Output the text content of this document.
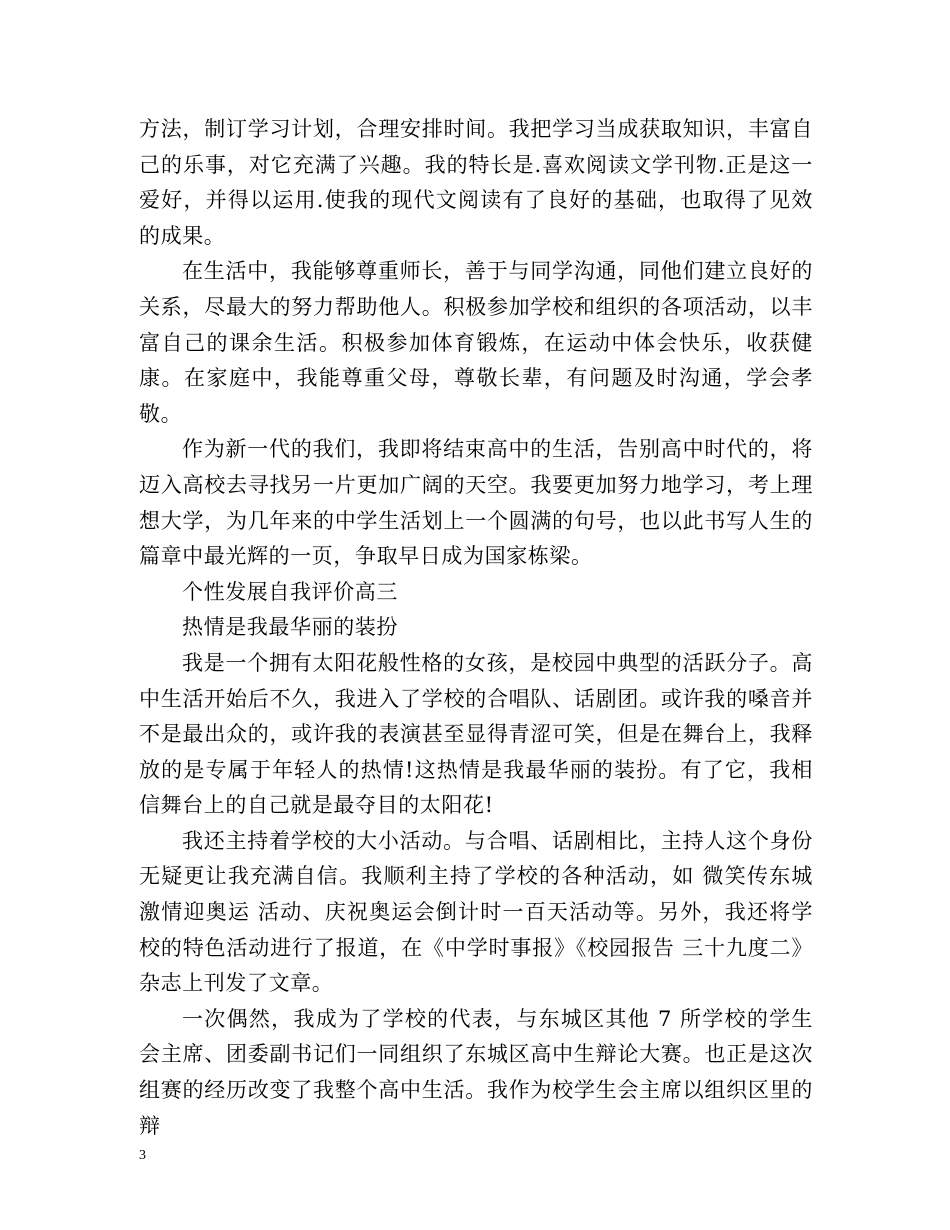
方法，制订学习计划，合理安排时间。我把学习当成获取知识，丰富自己的乐事，对它充满了兴趣。我的特长是.喜欢阅读文学刊物.正是这一爱好，并得以运用.使我的现代文阅读有了良好的基础，也取得了见效的成果。

在生活中，我能够尊重师长，善于与同学沟通，同他们建立良好的关系，尽最大的努力帮助他人。积极参加学校和组织的各项活动，以丰富自己的课余生活。积极参加体育锻炼，在运动中体会快乐，收获健康。在家庭中，我能尊重父母，尊敬长辈，有问题及时沟通，学会孝敬。

作为新一代的我们，我即将结束高中的生活，告别高中时代的，将迈入高校去寻找另一片更加广阔的天空。我要更加努力地学习，考上理想大学，为几年来的中学生活划上一个圆满的句号，也以此书写人生的篇章中最光辉的一页，争取早日成为国家栋梁。

个性发展自我评价高三

热情是我最华丽的装扮

我是一个拥有太阳花般性格的女孩，是校园中典型的活跃分子。高中生活开始后不久，我进入了学校的合唱队、话剧团。或许我的嗓音并不是最出众的，或许我的表演甚至显得青涩可笑，但是在舞台上，我释放的是专属于年轻人的热情!这热情是我最华丽的装扮。有了它，我相信舞台上的自己就是最夺目的太阳花!

我还主持着学校的大小活动。与合唱、话剧相比，主持人这个身份无疑更让我充满自信。我顺利主持了学校的各种活动，如 微笑传东城 激情迎奥运 活动、庆祝奥运会倒计时一百天活动等。另外，我还将学校的特色活动进行了报道，在《中学时事报》《校园报告 三十九度二》杂志上刊发了文章。

一次偶然，我成为了学校的代表，与东城区其他 7 所学校的学生会主席、团委副书记们一同组织了东城区高中生辩论大赛。也正是这次组赛的经历改变了我整个高中生活。我作为校学生会主席以组织区里的辩

3
